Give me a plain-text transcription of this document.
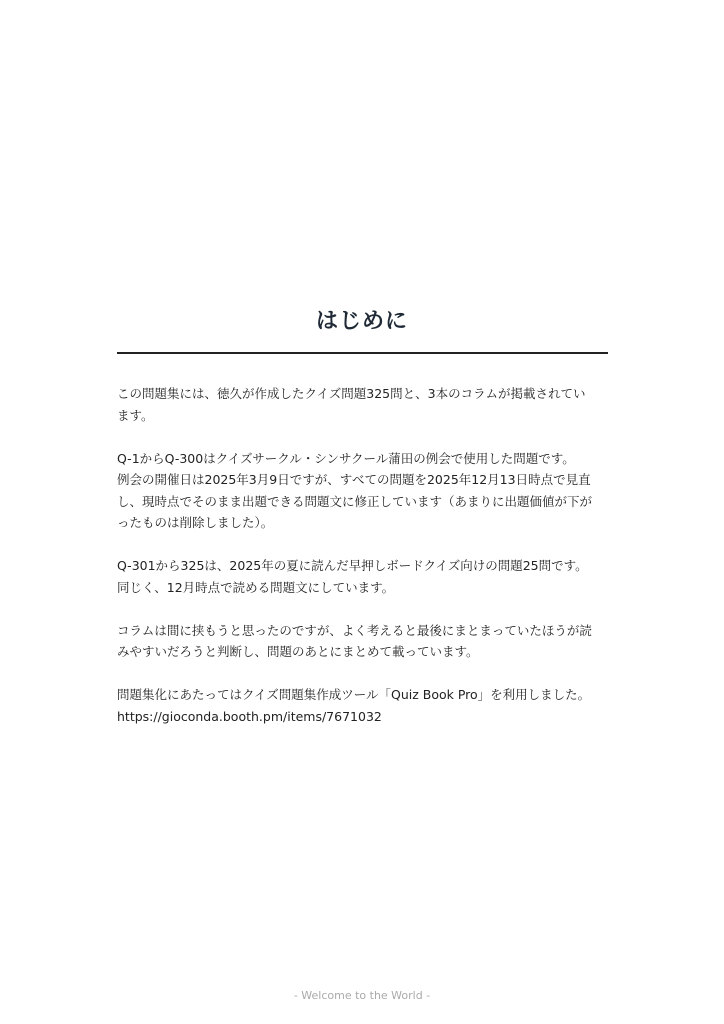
はじめに

この問題集には、徳久が作成したクイズ問題325問と、3本のコラムが掲載されてい
ます。

Q-1からQ-300はクイズサークル・シンサクール蒲田の例会で使用した問題です。
例会の開催日は2025年3月9日ですが、すべての問題を2025年12月13日時点で見直
し、現時点でそのまま出題できる問題文に修正しています（あまりに出題価値が下が
ったものは削除しました）。

Q-301から325は、2025年の夏に読んだ早押しボードクイズ向けの問題25問です。
同じく、12月時点で読める問題文にしています。

コラムは間に挟もうと思ったのですが、よく考えると最後にまとまっていたほうが読
みやすいだろうと判断し、問題のあとにまとめて載っています。

問題集化にあたってはクイズ問題集作成ツール「Quiz Book Pro」を利用しました。
https://gioconda.booth.pm/items/7671032

- Welcome to the World -
